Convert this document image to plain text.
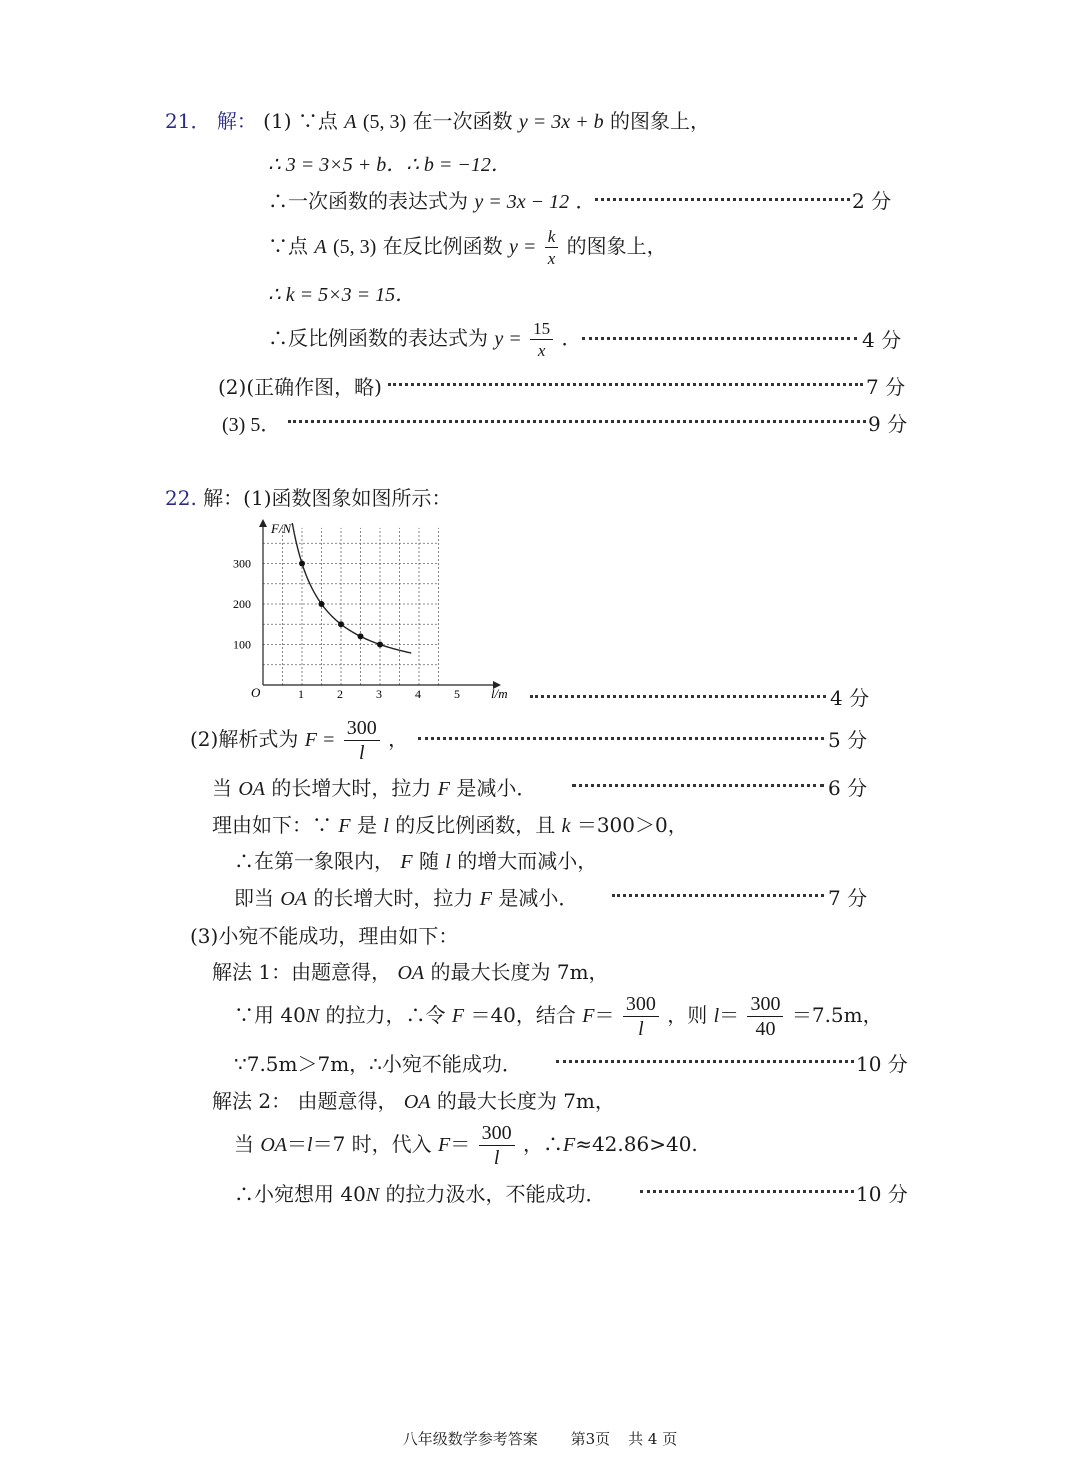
21． 解： (1) ∵点 A (5, 3) 在一次函数 y = 3x + b 的图象上，
∴ 3 = 3×5 + b．∴ b = −12．
∴一次函数的表达式为 y = 3x − 12 ．	2 分
∵点 A (5, 3) 在反比例函数 $y = \frac{k}{x}$ 的图象上，
∴ k = 5×3 = 15．
∴反比例函数的表达式为 $y = \frac{15}{x}$ ．	4 分
(2)(正确作图，略)	7 分
(3) 5．	9 分
22. 解：(1)函数图象如图所示：
F/N
l/m
O	1	2	3	4	5
100
200
300
4 分
(2)解析式为 $F = \frac{300}{l}$ ，	5 分
当 OA 的长增大时，拉力 F 是减小．	6 分
理由如下：∵ F 是 l 的反比例函数，且 k ＝300＞0，
∴在第一象限内， F 随 l 的增大而减小，
即当 OA 的长增大时，拉力 F 是减小．	7 分
(3)小宛不能成功，理由如下：
解法 1：由题意得， OA 的最大长度为 7m，
∵用 40N 的拉力，∴令 F ＝40，结合 $F= \frac{300}{l}$ ，则 $l= \frac{300}{40} =7.5m$，
∵7.5m＞7m，∴小宛不能成功．	10 分
解法 2： 由题意得， OA 的最大长度为 7m，
当 OA＝l＝7 时，代入 $F= \frac{300}{l}$ ，∴F≈42.86>40.
∴小宛想用 40N 的拉力汲水，不能成功．	10 分
八年级数学参考答案 第3页 共 4 页
